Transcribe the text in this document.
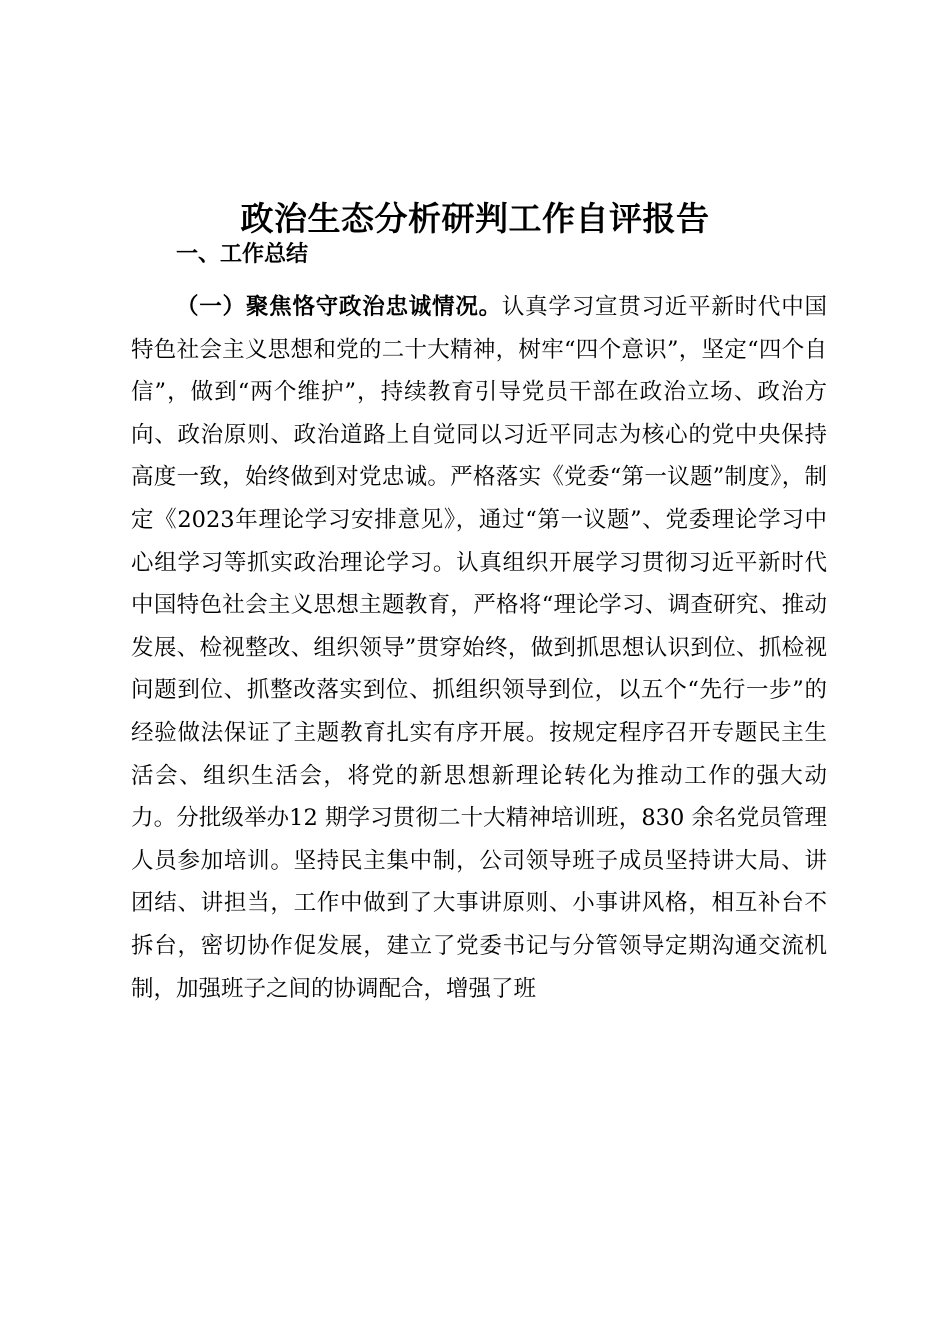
政治生态分析研判工作自评报告
一、工作总结

（一）聚焦恪守政治忠诚情况。认真学习宣贯习近平新时代中国特色社会主义思想和党的二十大精神，树牢“四个意识”，坚定“四个自信”，做到“两个维护”，持续教育引导党员干部在政治立场、政治方向、政治原则、政治道路上自觉同以习近平同志为核心的党中央保持高度一致，始终做到对党忠诚。严格落实《党委“第一议题”制度》，制定《2023年理论学习安排意见》，通过“第一议题”、党委理论学习中心组学习等抓实政治理论学习。认真组织开展学习贯彻习近平新时代中国特色社会主义思想主题教育，严格将“理论学习、调查研究、推动发展、检视整改、组织领导”贯穿始终，做到抓思想认识到位、抓检视问题到位、抓整改落实到位、抓组织领导到位，以五个“先行一步”的经验做法保证了主题教育扎实有序开展。按规定程序召开专题民主生活会、组织生活会，将党的新思想新理论转化为推动工作的强大动力。分批级举办12 期学习贯彻二十大精神培训班，830 余名党员管理人员参加培训。坚持民主集中制，公司领导班子成员坚持讲大局、讲团结、讲担当，工作中做到了大事讲原则、小事讲风格，相互补台不拆台，密切协作促发展，建立了党委书记与分管领导定期沟通交流机制，加强班子之间的协调配合，增强了班
